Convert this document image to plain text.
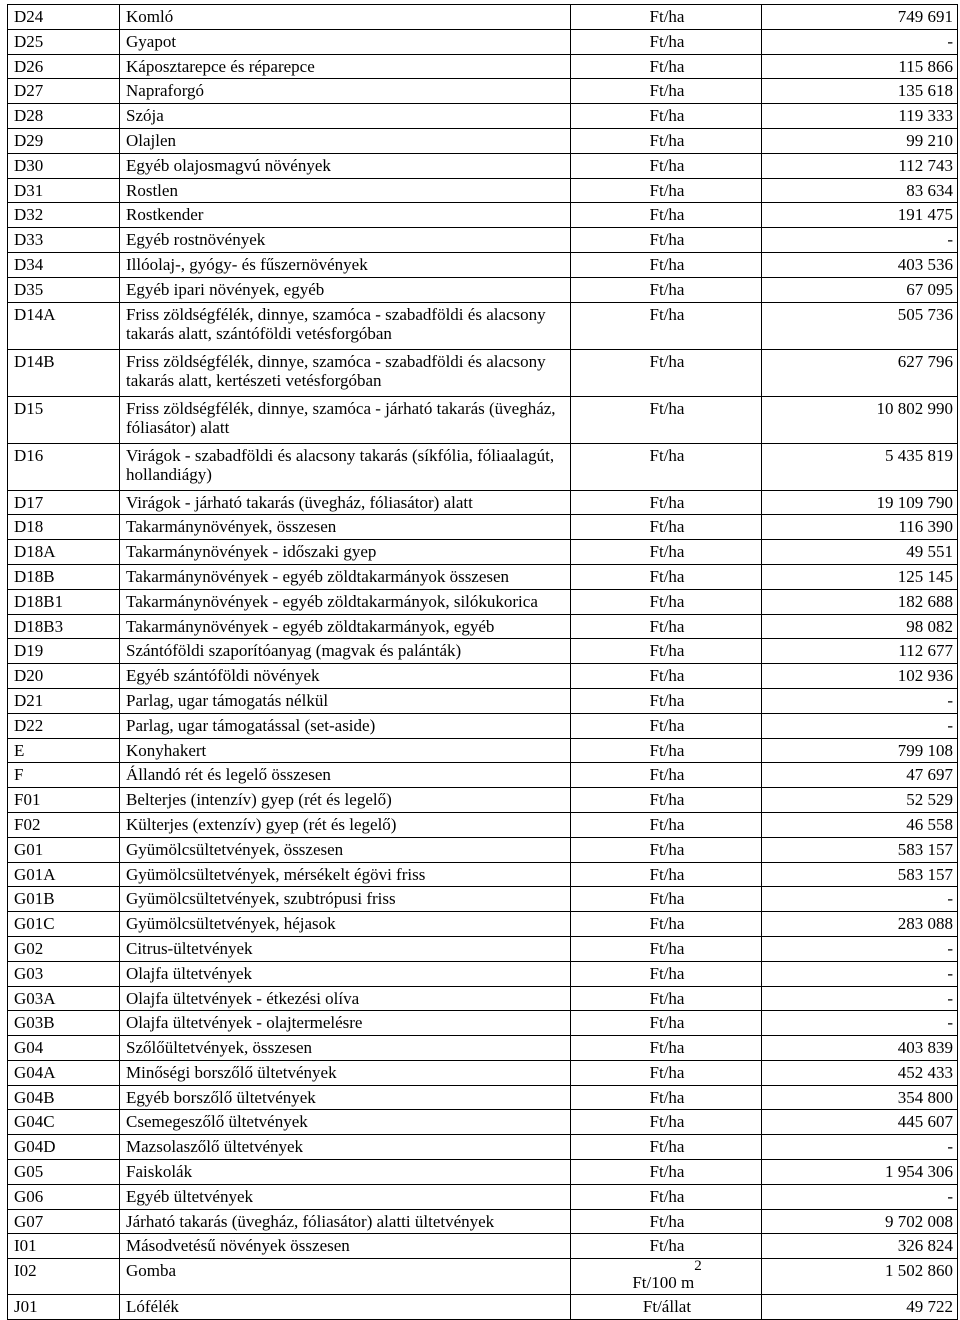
D24	Komló	Ft/ha	749 691
D25	Gyapot	Ft/ha	-
D26	Káposztarepce és réparepce	Ft/ha	115 866
D27	Napraforgó	Ft/ha	135 618
D28	Szója	Ft/ha	119 333
D29	Olajlen	Ft/ha	99 210
D30	Egyéb olajosmagvú növények	Ft/ha	112 743
D31	Rostlen	Ft/ha	83 634
D32	Rostkender	Ft/ha	191 475
D33	Egyéb rostnövények	Ft/ha	-
D34	Illóolaj-, gyógy- és fűszernövények	Ft/ha	403 536
D35	Egyéb ipari növények, egyéb	Ft/ha	67 095
D14A	Friss zöldségfélék, dinnye, szamóca - szabadföldi és alacsony takarás alatt, szántóföldi vetésforgóban	Ft/ha	505 736
D14B	Friss zöldségfélék, dinnye, szamóca - szabadföldi és alacsony takarás alatt, kertészeti vetésforgóban	Ft/ha	627 796
D15	Friss zöldségfélék, dinnye, szamóca - járható takarás (üvegház, fóliasátor) alatt	Ft/ha	10 802 990
D16	Virágok - szabadföldi és alacsony takarás (síkfólia, fóliaalagút, hollandiágy)	Ft/ha	5 435 819
D17	Virágok - járható takarás (üvegház, fóliasátor) alatt	Ft/ha	19 109 790
D18	Takarmánynövények, összesen	Ft/ha	116 390
D18A	Takarmánynövények - időszaki gyep	Ft/ha	49 551
D18B	Takarmánynövények - egyéb zöldtakarmányok összesen	Ft/ha	125 145
D18B1	Takarmánynövények - egyéb zöldtakarmányok, silókukorica	Ft/ha	182 688
D18B3	Takarmánynövények - egyéb zöldtakarmányok, egyéb	Ft/ha	98 082
D19	Szántóföldi szaporítóanyag (magvak és palánták)	Ft/ha	112 677
D20	Egyéb szántóföldi növények	Ft/ha	102 936
D21	Parlag, ugar támogatás nélkül	Ft/ha	-
D22	Parlag, ugar támogatással (set-aside)	Ft/ha	-
E	Konyhakert	Ft/ha	799 108
F	Állandó rét és legelő összesen	Ft/ha	47 697
F01	Belterjes (intenzív) gyep (rét és legelő)	Ft/ha	52 529
F02	Külterjes (extenzív) gyep (rét és legelő)	Ft/ha	46 558
G01	Gyümölcsültetvények, összesen	Ft/ha	583 157
G01A	Gyümölcsültetvények, mérsékelt égövi friss	Ft/ha	583 157
G01B	Gyümölcsültetvények, szubtrópusi friss	Ft/ha	-
G01C	Gyümölcsültetvények, héjasok	Ft/ha	283 088
G02	Citrus-ültetvények	Ft/ha	-
G03	Olajfa ültetvények	Ft/ha	-
G03A	Olajfa ültetvények - étkezési olíva	Ft/ha	-
G03B	Olajfa ültetvények - olajtermelésre	Ft/ha	-
G04	Szőlőültetvények, összesen	Ft/ha	403 839
G04A	Minőségi borszőlő ültetvények	Ft/ha	452 433
G04B	Egyéb borszőlő ültetvények	Ft/ha	354 800
G04C	Csemegeszőlő ültetvények	Ft/ha	445 607
G04D	Mazsolaszőlő ültetvények	Ft/ha	-
G05	Faiskolák	Ft/ha	1 954 306
G06	Egyéb ültetvények	Ft/ha	-
G07	Járható takarás (üvegház, fóliasátor) alatti ültetvények	Ft/ha	9 702 008
I01	Másodvetésű növények összesen	Ft/ha	326 824
I02	Gomba	Ft/100 m2	1 502 860
J01	Lófélék	Ft/állat	49 722
